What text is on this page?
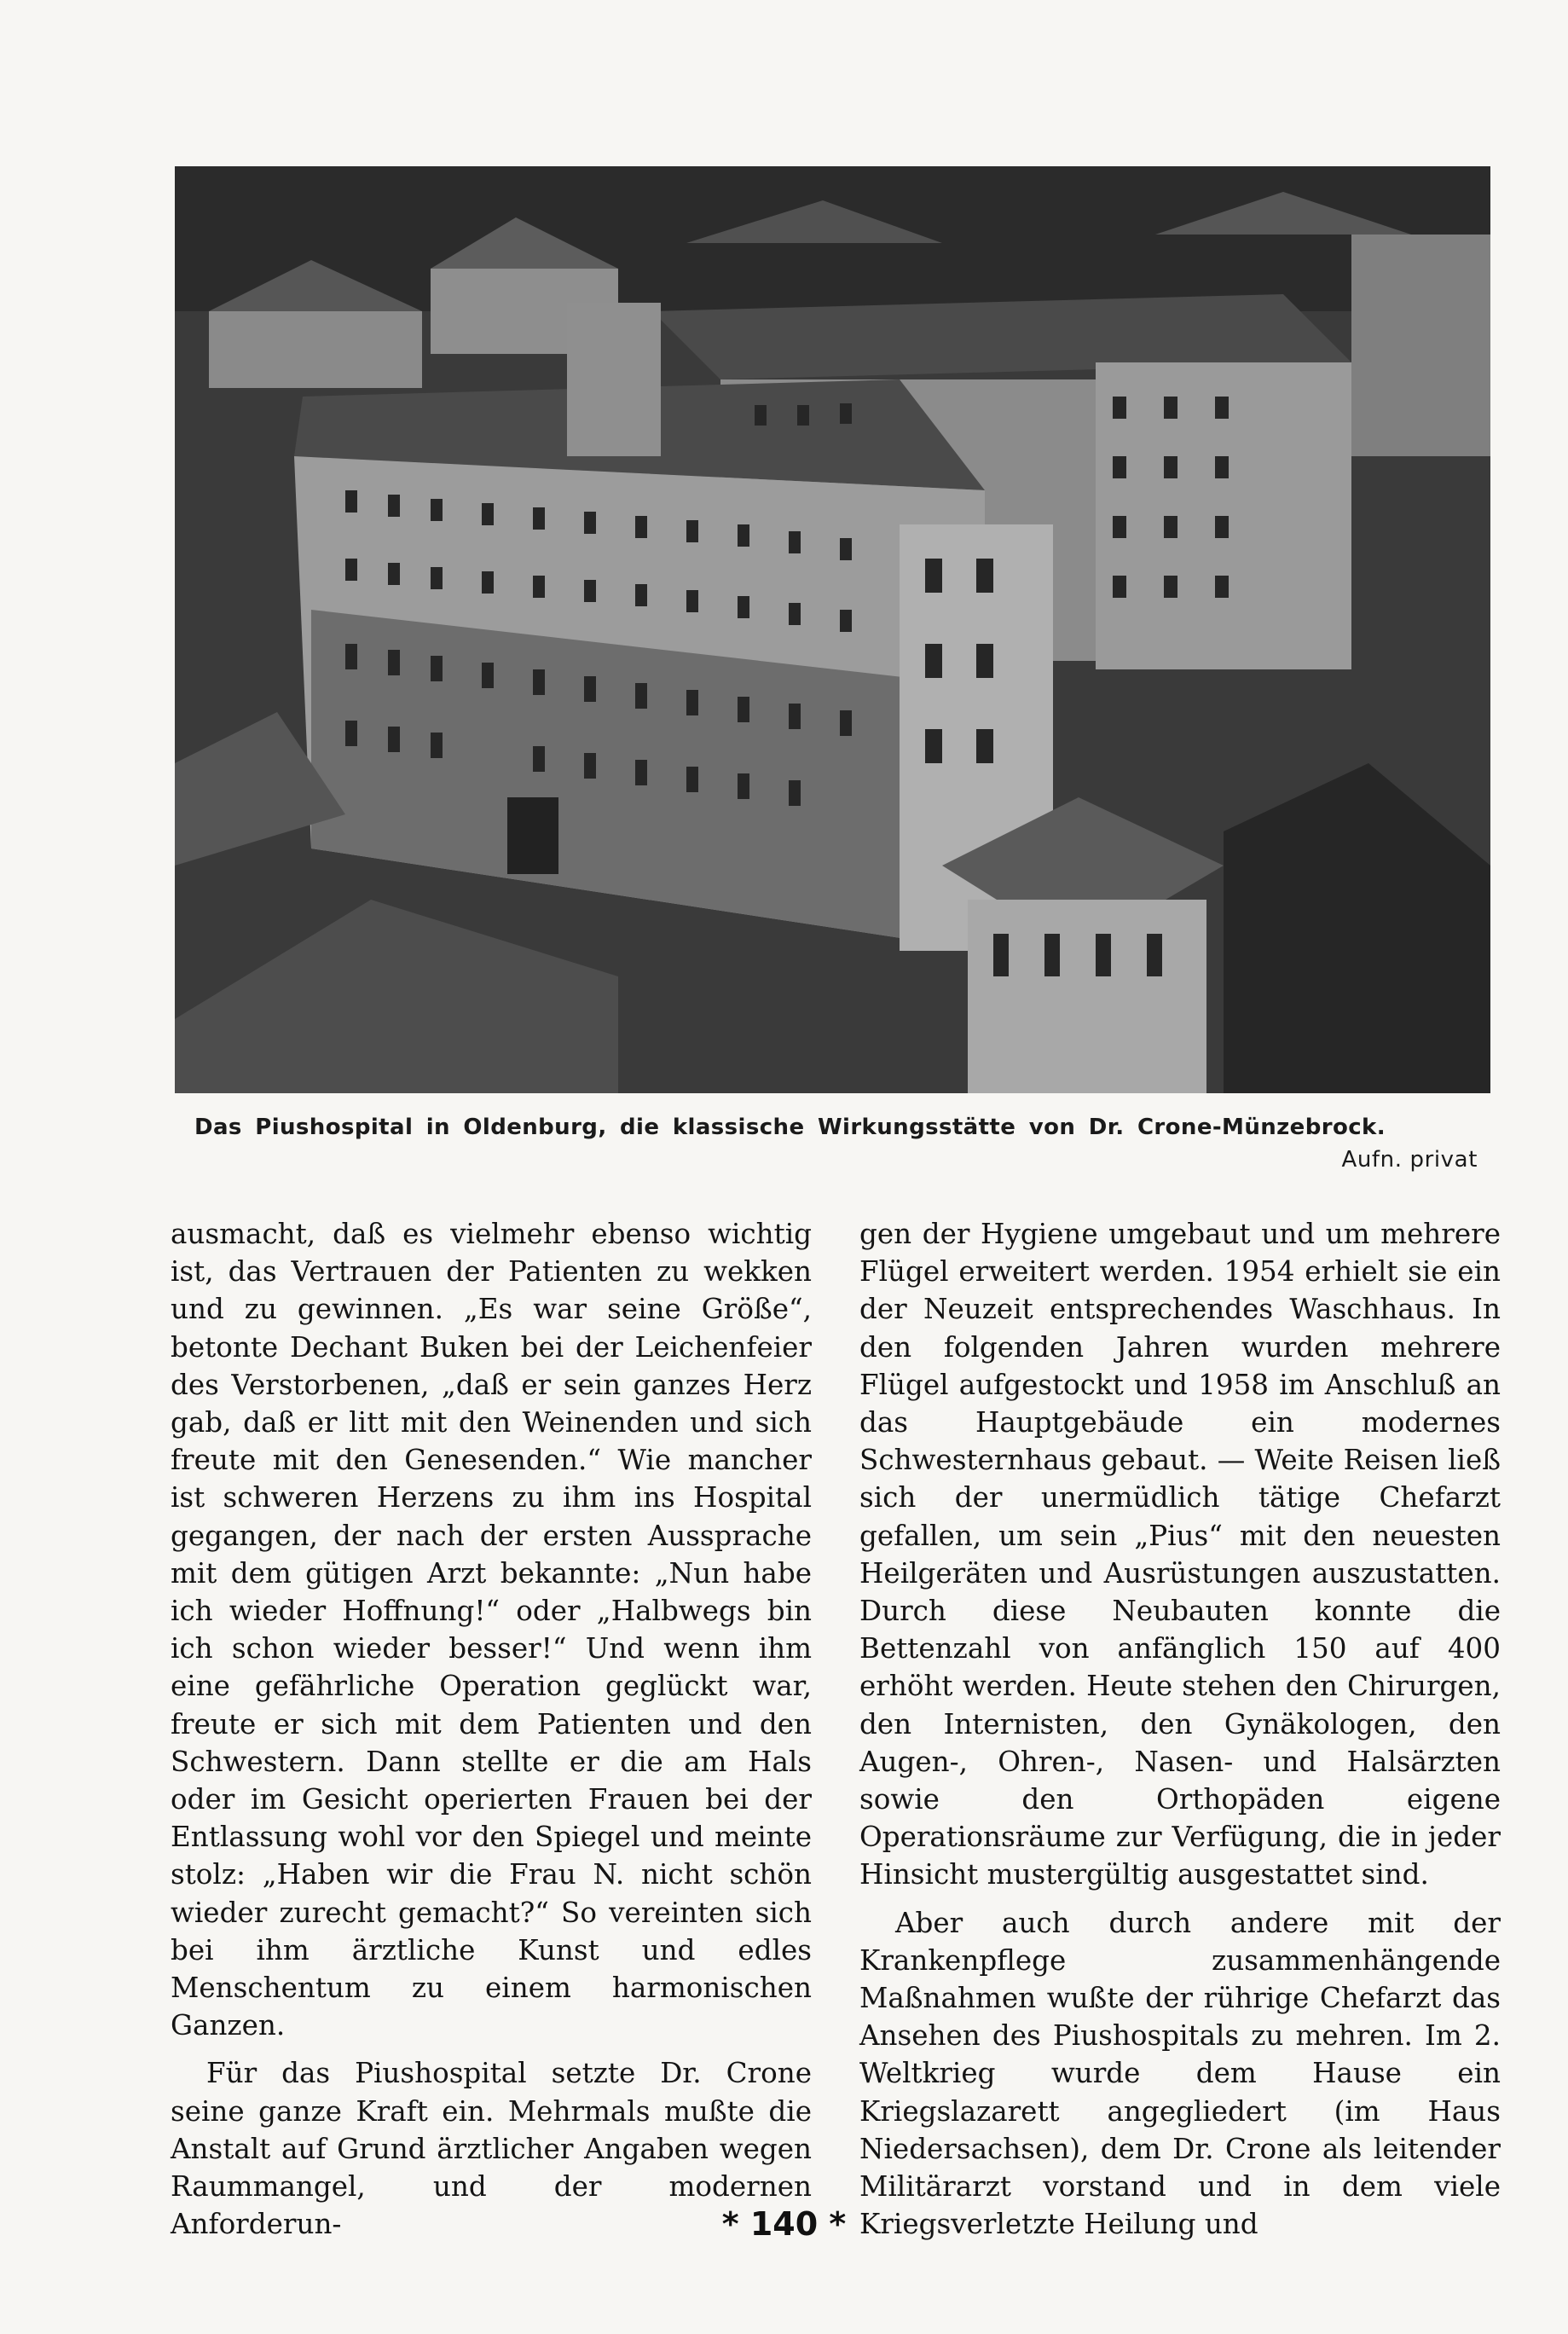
Das Piushospital in Oldenburg, die klassische Wirkungsstätte von Dr. Crone-Münzebrock.
Aufn. privat

ausmacht, daß es vielmehr ebenso wichtig ist, das Vertrauen der Patienten zu wekken und zu gewinnen. „Es war seine Größe“, betonte Dechant Buken bei der Leichenfeier des Verstorbenen, „daß er sein ganzes Herz gab, daß er litt mit den Weinenden und sich freute mit den Genesenden.“ Wie mancher ist schweren Herzens zu ihm ins Hospital gegangen, der nach der ersten Aussprache mit dem gütigen Arzt bekannte: „Nun habe ich wieder Hoffnung!“ oder „Halbwegs bin ich schon wieder besser!“ Und wenn ihm eine gefährliche Operation geglückt war, freute er sich mit dem Patienten und den Schwestern. Dann stellte er die am Hals oder im Gesicht operierten Frauen bei der Entlassung wohl vor den Spiegel und meinte stolz: „Haben wir die Frau N. nicht schön wieder zurecht gemacht?“ So vereinten sich bei ihm ärztliche Kunst und edles Menschentum zu einem harmonischen Ganzen.

Für das Piushospital setzte Dr. Crone seine ganze Kraft ein. Mehrmals mußte die Anstalt auf Grund ärztlicher Angaben wegen Raummangel, und der modernen Anforderun-

gen der Hygiene umgebaut und um mehrere Flügel erweitert werden. 1954 erhielt sie ein der Neuzeit entsprechendes Waschhaus. In den folgenden Jahren wurden mehrere Flügel aufgestockt und 1958 im Anschluß an das Hauptgebäude ein modernes Schwesternhaus gebaut. — Weite Reisen ließ sich der unermüdlich tätige Chefarzt gefallen, um sein „Pius“ mit den neuesten Heilgeräten und Ausrüstungen auszustatten. Durch diese Neubauten konnte die Bettenzahl von anfänglich 150 auf 400 erhöht werden. Heute stehen den Chirurgen, den Internisten, den Gynäkologen, den Augen-, Ohren-, Nasen- und Halsärzten sowie den Orthopäden eigene Operationsräume zur Verfügung, die in jeder Hinsicht mustergültig ausgestattet sind.

Aber auch durch andere mit der Krankenpflege zusammenhängende Maßnahmen wußte der rührige Chefarzt das Ansehen des Piushospitals zu mehren. Im 2. Weltkrieg wurde dem Hause ein Kriegslazarett angegliedert (im Haus Niedersachsen), dem Dr. Crone als leitender Militärarzt vorstand und in dem viele Kriegsverletzte Heilung und

* 140 *
